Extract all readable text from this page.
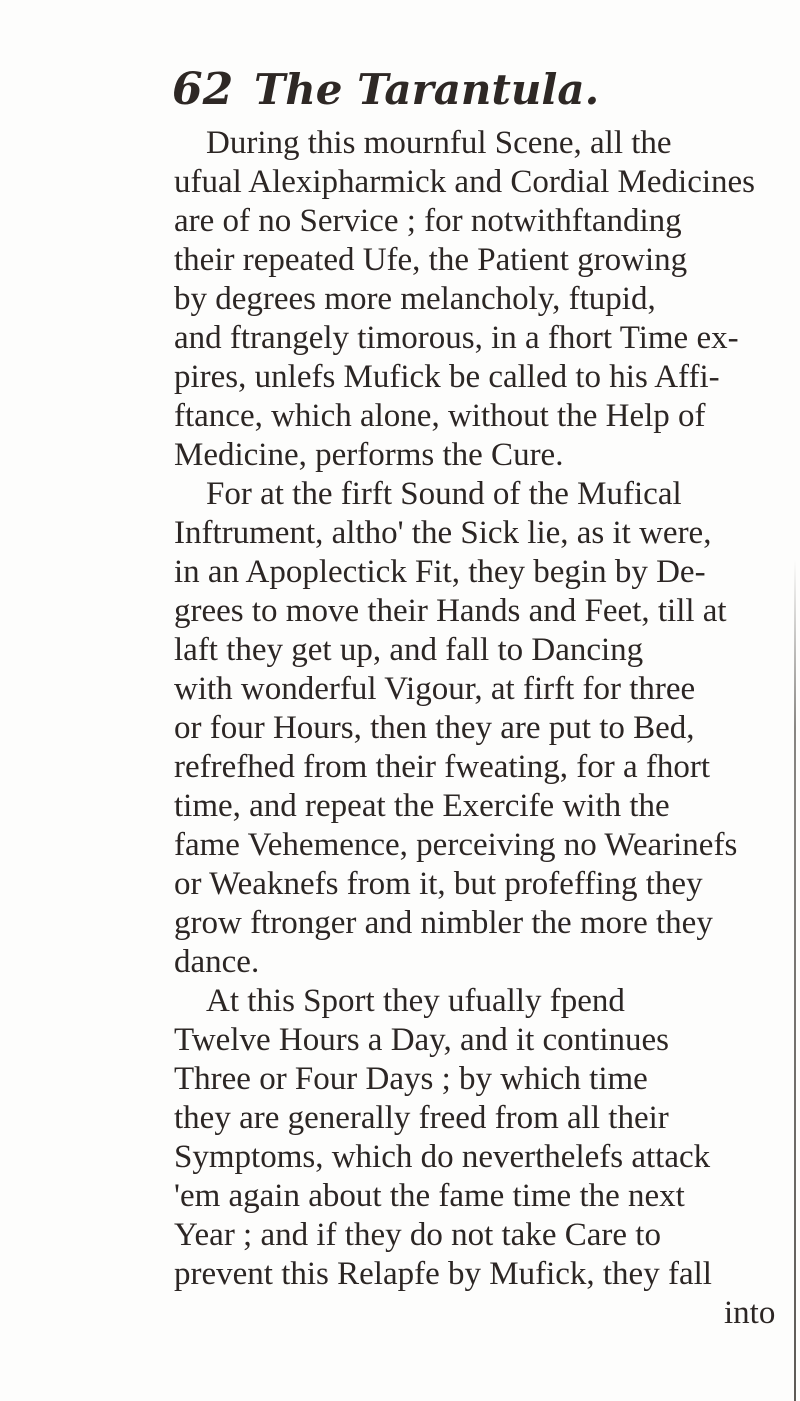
62 The Tarantula.
During this mournful Scene, all the
ufual Alexipharmick and Cordial Medicines
are of no Service ; for notwithftanding
their repeated Ufe, the Patient growing
by degrees more melancholy, ftupid,
and ftrangely timorous, in a fhort Time ex-
pires, unlefs Mufick be called to his Affi-
ftance, which alone, without the Help of
Medicine, performs the Cure.
For at the firft Sound of the Mufical
Inftrument, altho' the Sick lie, as it were,
in an Apoplectick Fit, they begin by De-
grees to move their Hands and Feet, till at
laft they get up, and fall to Dancing
with wonderful Vigour, at firft for three
or four Hours, then they are put to Bed,
refrefhed from their fweating, for a fhort
time, and repeat the Exercife with the
fame Vehemence, perceiving no Wearinefs
or Weaknefs from it, but profeffing they
grow ftronger and nimbler the more they
dance.
At this Sport they ufually fpend
Twelve Hours a Day, and it continues
Three or Four Days ; by which time
they are generally freed from all their
Symptoms, which do neverthelefs attack
'em again about the fame time the next
Year ; and if they do not take Care to
prevent this Relapfe by Mufick, they fall
into
